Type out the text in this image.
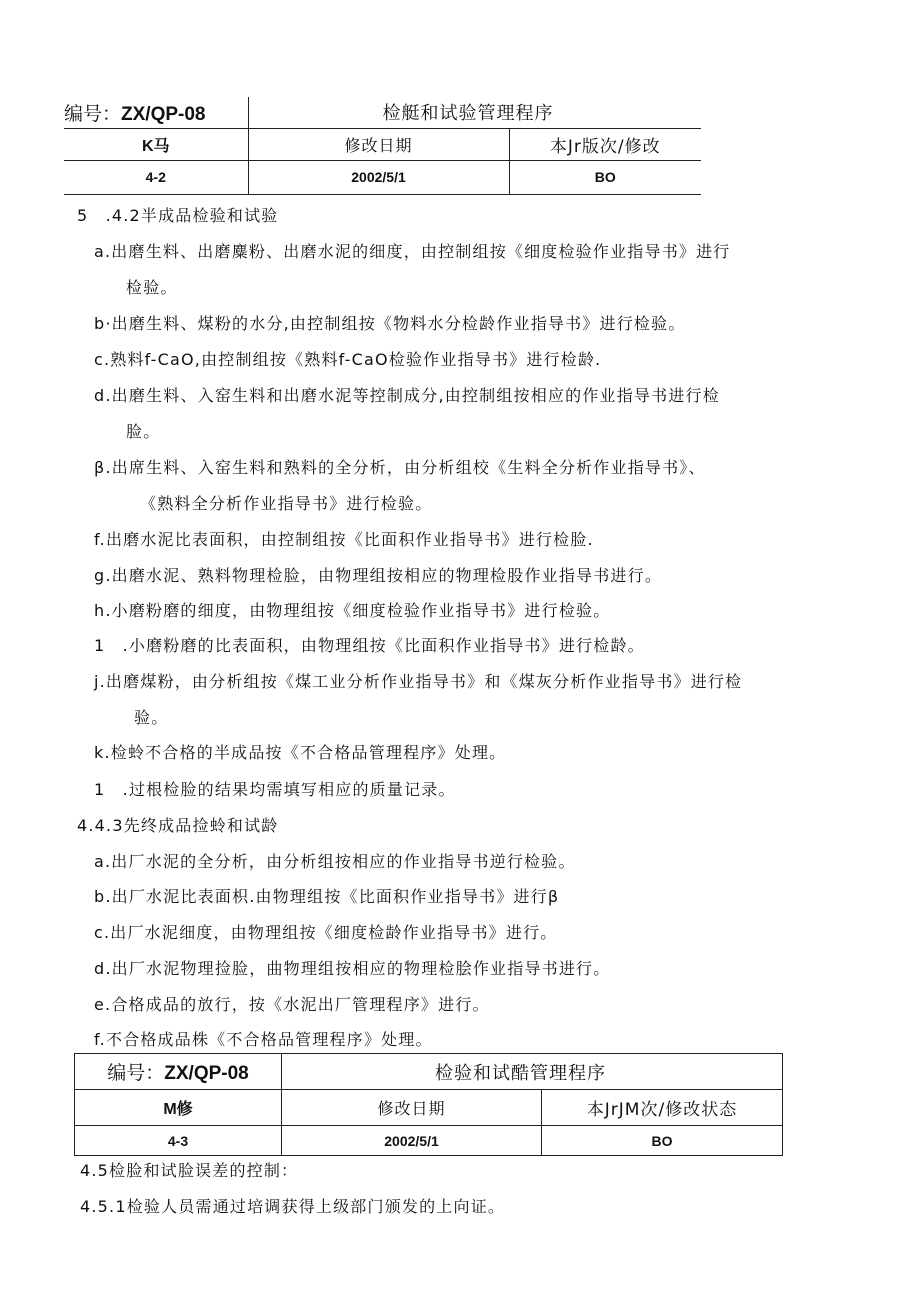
编号：ZX/QP-08	检艇和试验管理程序	
K马	修改日期	本Jr版次/修改
4-2	2002/5/1	BO
5　.4.2半成品检验和试验
a.出磨生料、出磨麋粉、出磨水泥的细度，由控制组按《细度检验作业指导书》进行
检验。
b·出磨生料、煤粉的水分,由控制组按《物料水分检龄作业指导书》进行检验。
c.熟料f-CaO,由控制组按《熟料f-CaO检验作业指导书》进行检龄.
d.出磨生料、入窑生料和出磨水泥等控制成分,由控制组按相应的作业指导书进行检
脸。
β.出席生料、入窑生料和熟料的全分析，由分析组校《生料全分析作业指导书》、
《熟料全分析作业指导书》进行检验。
f.出磨水泥比表面积，由控制组按《比面积作业指导书》进行检脸.
g.出磨水泥、熟料物理检脸，由物理组按相应的物理检股作业指导书进行。
h.小磨粉磨的细度，由物理组按《细度检验作业指导书》进行检验。
1　.小磨粉磨的比表面积，由物理组按《比面积作业指导书》进行检龄。
j.出磨煤粉，由分析组按《煤工业分析作业指导书》和《煤灰分析作业指导书》进行检
验。
k.检蛉不合格的半成品按《不合格品管理程序》处理。
1　.过根检脸的结果均需填写相应的质量记录。
4.4.3先终成品捡蛉和试龄
a.出厂水泥的全分析，由分析组按相应的作业指导书逆行检验。
b.出厂水泥比表面枳.由物理组按《比面积作业指导书》进行β
c.出厂水泥细度，由物理组按《细度检龄作业指导书》进行。
d.出厂水泥物理捡脸，曲物理组按相应的物理检脍作业指导书进行。
e.合格成品的放行，按《水泥出厂管理程序》进行。
f.不合格成品株《不合格品管理程序》处理。
编号：ZX/QP-08	检验和试酷管理程序	
M修	修改日期	本JrJM次/修改状态
4-3	2002/5/1	BO
4.5检脸和试脸误差的控制：
4.5.1检验人员需通过培调获得上级部门颁发的上向证。
